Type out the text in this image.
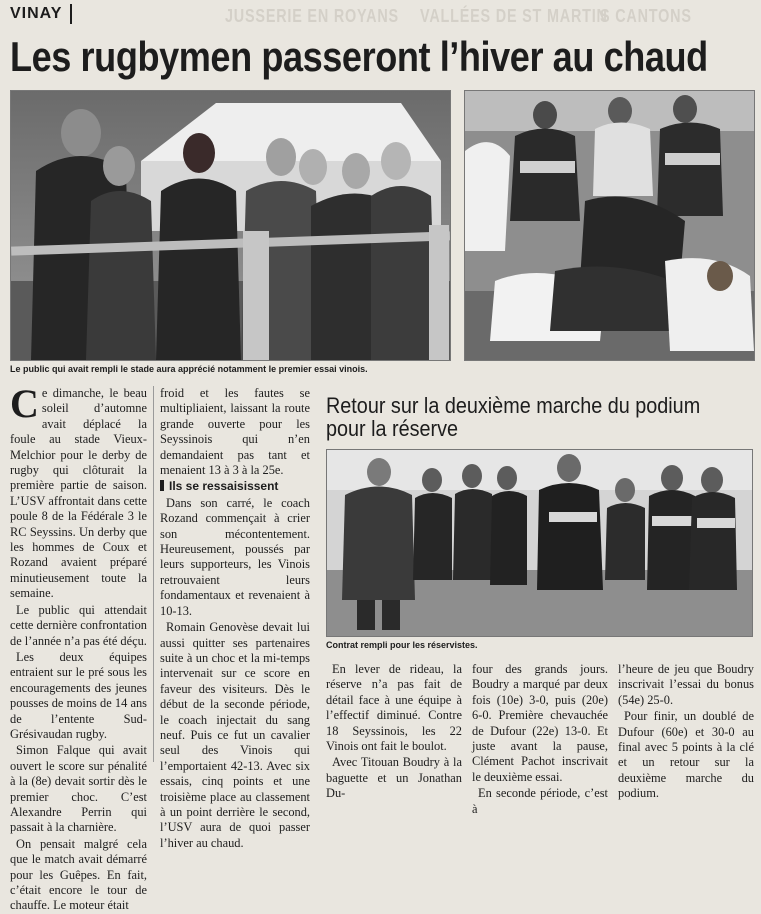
VINAY	JUSSERIE EN ROYANS VALLÉES DE ST MARTIN
S CANTONS
Les rugbymen passeront l’hiver au chaud
Le public qui avait rempli le stade aura apprécié notamment le premier essai vinois.

Ce dimanche, le beau soleil d’automne avait déplacé la foule au stade Vieux-Melchior pour le derby de rugby qui clôturait la première partie de saison. L’USV affrontait dans cette poule 8 de la Fédérale 3 le RC Seyssins. Un derby que les hommes de Coux et Rozand avaient préparé minutieusement toute la semaine.

Le public qui attendait cette dernière confrontation de l’année n’a pas été déçu.

Les deux équipes entraient sur le pré sous les encouragements des jeunes pousses de moins de 14 ans de l’entente Sud-Grésivaudan rugby.

Simon Falque qui avait ouvert le score sur pénalité à la (8e) devait sortir dès le premier choc. C’est Alexandre Perrin qui passait à la charnière.

On pensait malgré cela que le match avait démarré pour les Guêpes. En fait, c’était encore le tour de chauffe. Le moteur était

froid et les fautes se multipliaient, laissant la route grande ouverte pour les Seyssinois qui n’en demandaient pas tant et menaient 13 à 3 à la 25e.

Ils se ressaisissent

Dans son carré, le coach Rozand commençait à crier son mécontentement. Heureusement, poussés par leurs supporteurs, les Vinois retrouvaient leurs fondamentaux et revenaient à 10-13.

Romain Genovèse devait lui aussi quitter ses partenaires suite à un choc et la mi-temps intervenait sur ce score en faveur des visiteurs. Dès le début de la seconde période, le coach injectait du sang neuf. Puis ce fut un cavalier seul des Vinois qui l’emportaient 42-13. Avec six essais, cinq points et une troisième place au classement à un point derrière le second, l’USV aura de quoi passer l’hiver au chaud.

Retour sur la deuxième marche du podium pour la réserve
Contrat rempli pour les réservistes.

En lever de rideau, la réserve n’a pas fait de détail face à une équipe à l’effectif diminué. Contre 18 Seyssinois, les 22 Vinois ont fait le boulot.

Avec Titouan Boudry à la baguette et un Jonathan Du-

four des grands jours. Boudry a marqué par deux fois (10e) 3-0, puis (20e) 6-0. Première chevauchée de Dufour (22e) 13-0. Et juste avant la pause, Clément Pachot inscrivait le deuxième essai.

En seconde période, c’est à

l’heure de jeu que Boudry inscrivait l’essai du bonus (54e) 25-0.

Pour finir, un doublé de Dufour (60e) et 30-0 au final avec 5 points à la clé et un retour sur la deuxième marche du podium.
